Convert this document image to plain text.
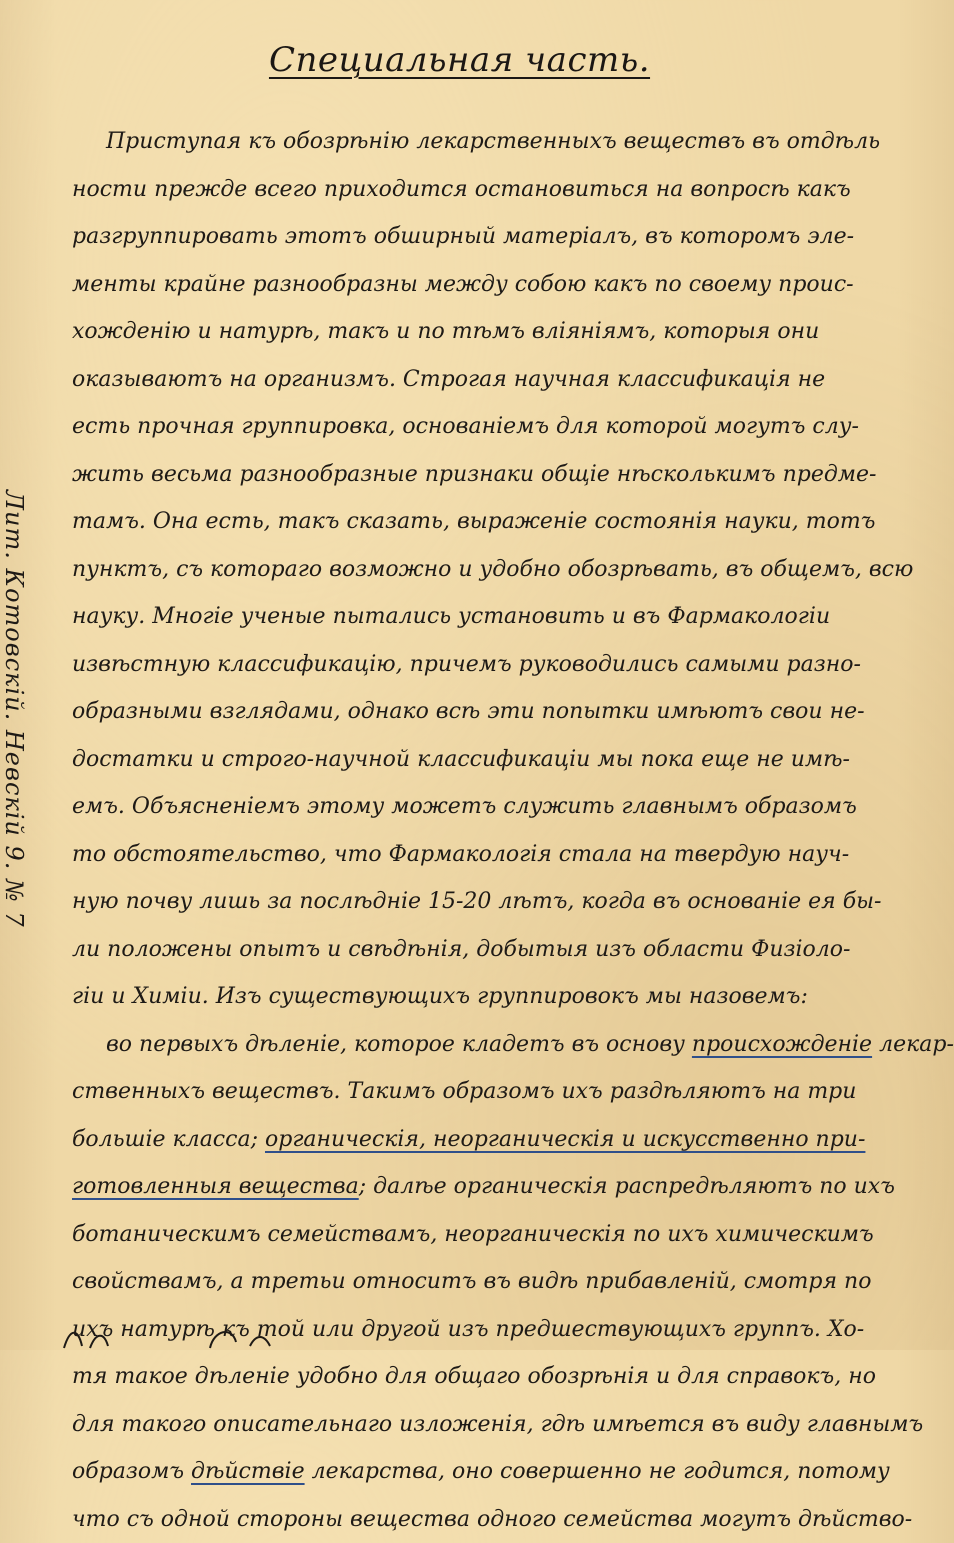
Специальная часть.
Лит. Котовскій. Невскій 9. № 7
Приступая къ обозрѣнію лекарственныхъ веществъ въ отдѣль
ности прежде всего приходится остановиться на вопросѣ какъ
разгруппировать этотъ обширный матеріалъ, въ которомъ эле-
менты крайне разнообразны между собою какъ по своему проис-
хожденію и натурѣ, такъ и по тѣмъ вліяніямъ, которыя они
оказываютъ на организмъ. Строгая научная классификація не
есть прочная группировка, основаніемъ для которой могутъ слу-
жить весьма разнообразные признаки общіе нѣсколькимъ предме-
тамъ. Она есть, такъ сказать, выраженіе состоянія науки, тотъ
пунктъ, съ котораго возможно и удобно обозрѣвать, въ общемъ, всю
науку. Многіе ученые пытались установить и въ Фармакологіи
извѣстную классификацію, причемъ руководились самыми разно-
образными взглядами, однако всѣ эти попытки имѣютъ свои не-
достатки и строго-научной классификаціи мы пока еще не имѣ-
емъ. Объясненіемъ этому можетъ служить главнымъ образомъ
то обстоятельство, что Фармакологія стала на твердую науч-
ную почву лишь за послѣдніе 15-20 лѣтъ, когда въ основаніе ея бы-
ли положены опытъ и свѣдѣнія, добытыя изъ области Физіоло-
гіи и Химіи. Изъ существующихъ группировокъ мы назовемъ:
во первыхъ дѣленіе, которое кладетъ въ основу происхожденіе лекар-
ственныхъ веществъ. Такимъ образомъ ихъ раздѣляютъ на три
большіе класса; органическія, неорганическія и искусственно при-
готовленныя вещества; далѣе органическія распредѣляютъ по ихъ
ботаническимъ семействамъ, неорганическія по ихъ химическимъ
свойствамъ, а третьи относитъ въ видѣ прибавленій, смотря по
ихъ натурѣ къ той или другой изъ предшествующихъ группъ. Хо-
тя такое дѣленіе удобно для общаго обозрѣнія и для справокъ, но
для такого описательнаго изложенія, гдѣ имѣется въ виду главнымъ
образомъ дѣйствіе лекарства, оно совершенно не годится, потому
что съ одной стороны вещества одного семейства могутъ дѣйство-
